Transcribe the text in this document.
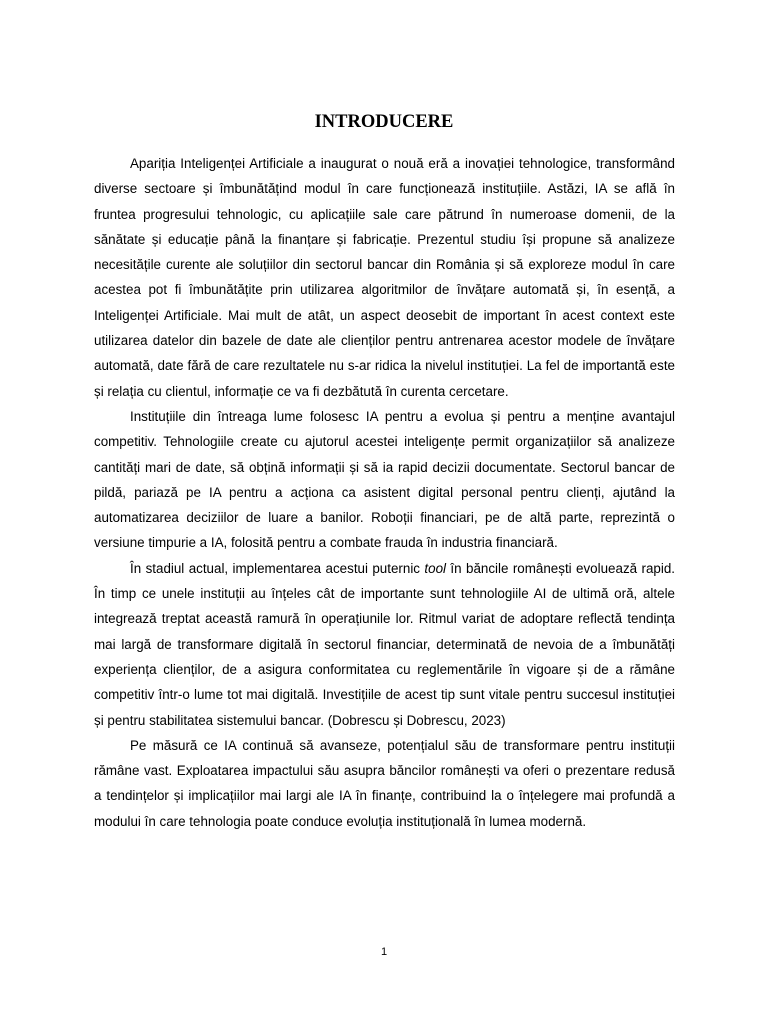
INTRODUCERE

Apariția Inteligenței Artificiale a inaugurat o nouă eră a inovației tehnologice, transformând diverse sectoare și îmbunătățind modul în care funcționează instituțiile. Astăzi, IA se află în fruntea progresului tehnologic, cu aplicațiile sale care pătrund în numeroase domenii, de la sănătate și educație până la finanțare și fabricație. Prezentul studiu își propune să analizeze necesitățile curente ale soluțiilor din sectorul bancar din România și să exploreze modul în care acestea pot fi îmbunătățite prin utilizarea algoritmilor de învățare automată și, în esență, a Inteligenței Artificiale. Mai mult de atât, un aspect deosebit de important în acest context este utilizarea datelor din bazele de date ale clienților pentru antrenarea acestor modele de învățare automată, date fără de care rezultatele nu s-ar ridica la nivelul instituției. La fel de importantă este și relația cu clientul, informație ce va fi dezbătută în curenta cercetare.

Instituțiile din întreaga lume folosesc IA pentru a evolua și pentru a menține avantajul competitiv. Tehnologiile create cu ajutorul acestei inteligențe permit organizațiilor să analizeze cantități mari de date, să obțină informații și să ia rapid decizii documentate. Sectorul bancar de pildă, pariază pe IA pentru a acționa ca asistent digital personal pentru clienți, ajutând la automatizarea deciziilor de luare a banilor. Roboții financiari, pe de altă parte, reprezintă o versiune timpurie a IA, folosită pentru a combate frauda în industria financiară.

În stadiul actual, implementarea acestui puternic tool în băncile românești evoluează rapid. În timp ce unele instituții au înțeles cât de importante sunt tehnologiile AI de ultimă oră, altele integrează treptat această ramură în operațiunile lor. Ritmul variat de adoptare reflectă tendința mai largă de transformare digitală în sectorul financiar, determinată de nevoia de a îmbunătăți experiența clienților, de a asigura conformitatea cu reglementările în vigoare și de a rămâne competitiv într-o lume tot mai digitală. Investițiile de acest tip sunt vitale pentru succesul instituției și pentru stabilitatea sistemului bancar. (Dobrescu și Dobrescu, 2023)

Pe măsură ce IA continuă să avanseze, potențialul său de transformare pentru instituții rămâne vast. Exploatarea impactului său asupra băncilor românești va oferi o prezentare redusă a tendințelor și implicațiilor mai largi ale IA în finanțe, contribuind la o înțelegere mai profundă a modului în care tehnologia poate conduce evoluția instituțională în lumea modernă.

1
